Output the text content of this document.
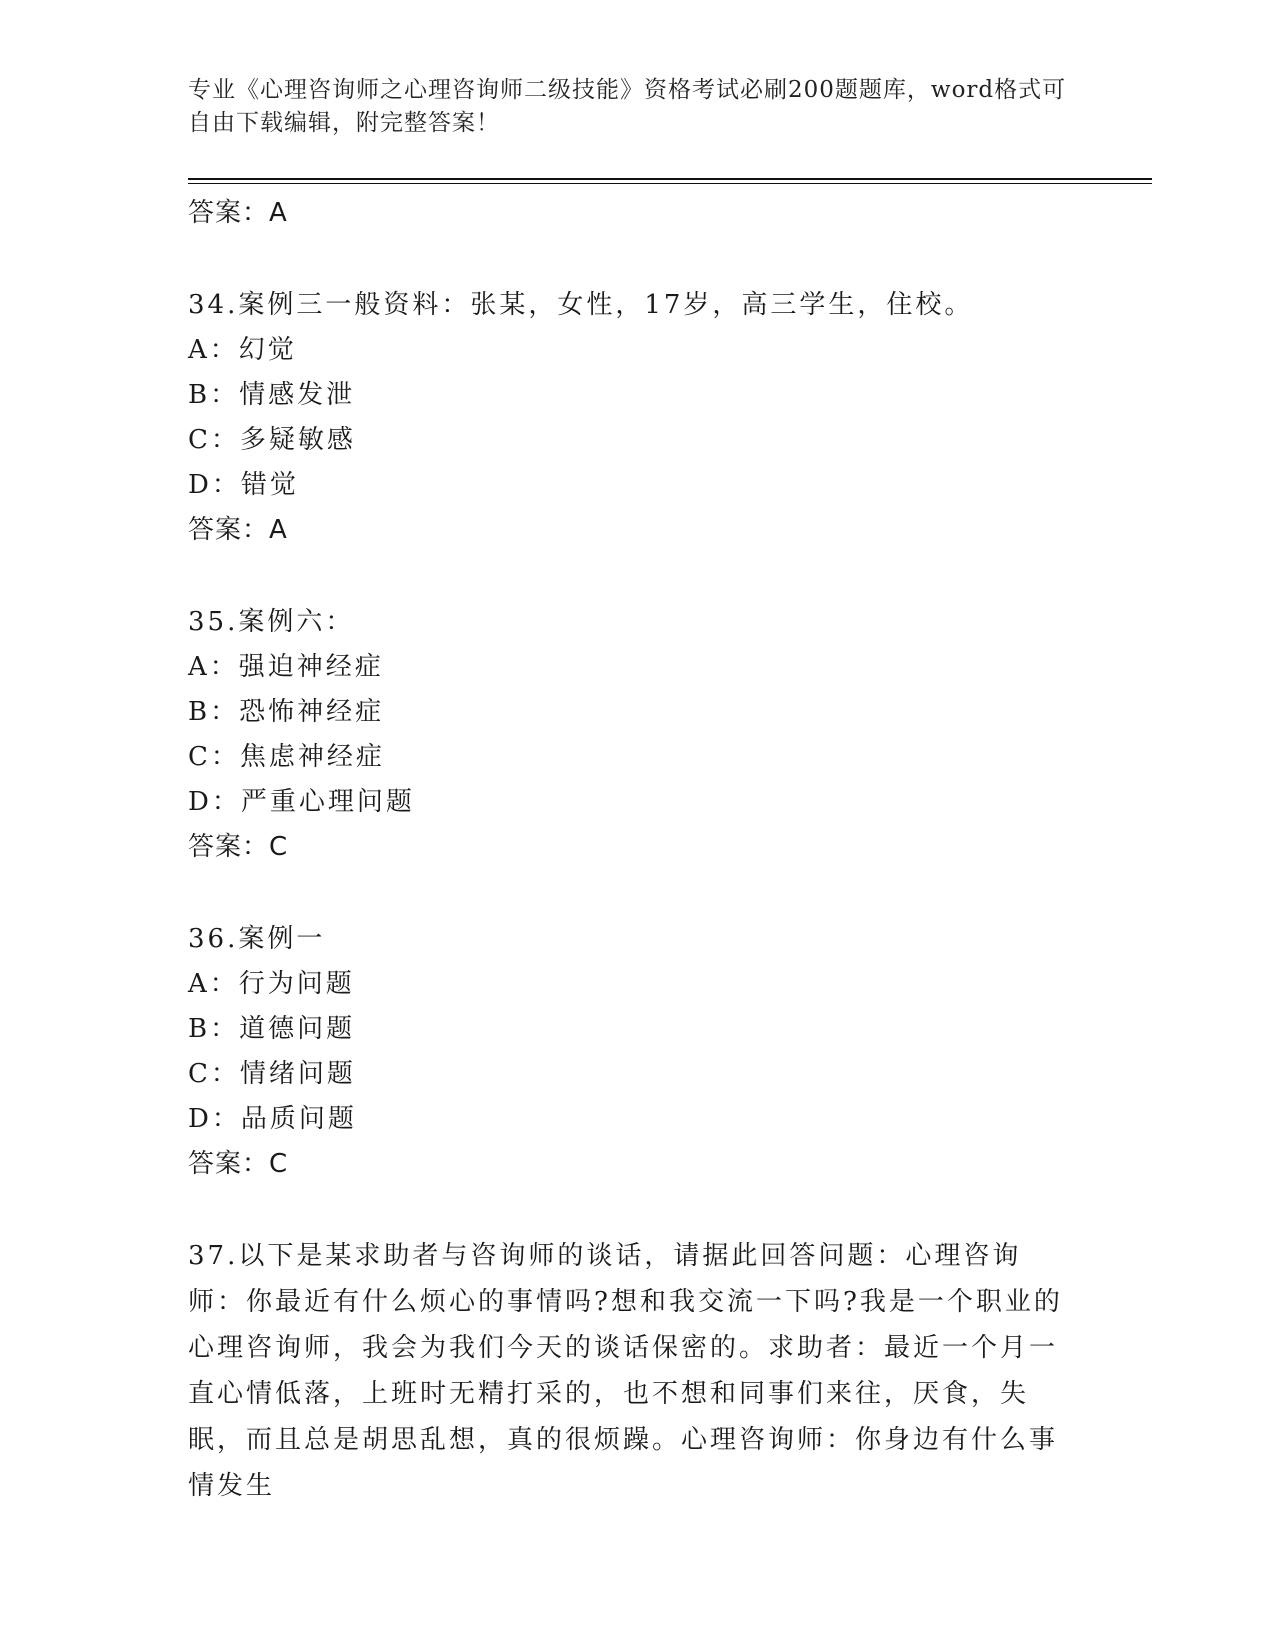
专业《心理咨询师之心理咨询师二级技能》资格考试必刷200题题库，word格式可自由下载编辑，附完整答案！
答案：A
34.案例三一般资料：张某，女性，17岁，高三学生，住校。
A：幻觉
B：情感发泄
C：多疑敏感
D：错觉
答案：A
35.案例六：
A：强迫神经症
B：恐怖神经症
C：焦虑神经症
D：严重心理问题
答案：C
36.案例一
A：行为问题
B：道德问题
C：情绪问题
D：品质问题
答案：C
37.以下是某求助者与咨询师的谈话，请据此回答问题：心理咨询师：你最近有什么烦心的事情吗?想和我交流一下吗?我是一个职业的心理咨询师，我会为我们今天的谈话保密的。求助者：最近一个月一直心情低落，上班时无精打采的，也不想和同事们来往，厌食，失眠，而且总是胡思乱想，真的很烦躁。心理咨询师：你身边有什么事情发生
